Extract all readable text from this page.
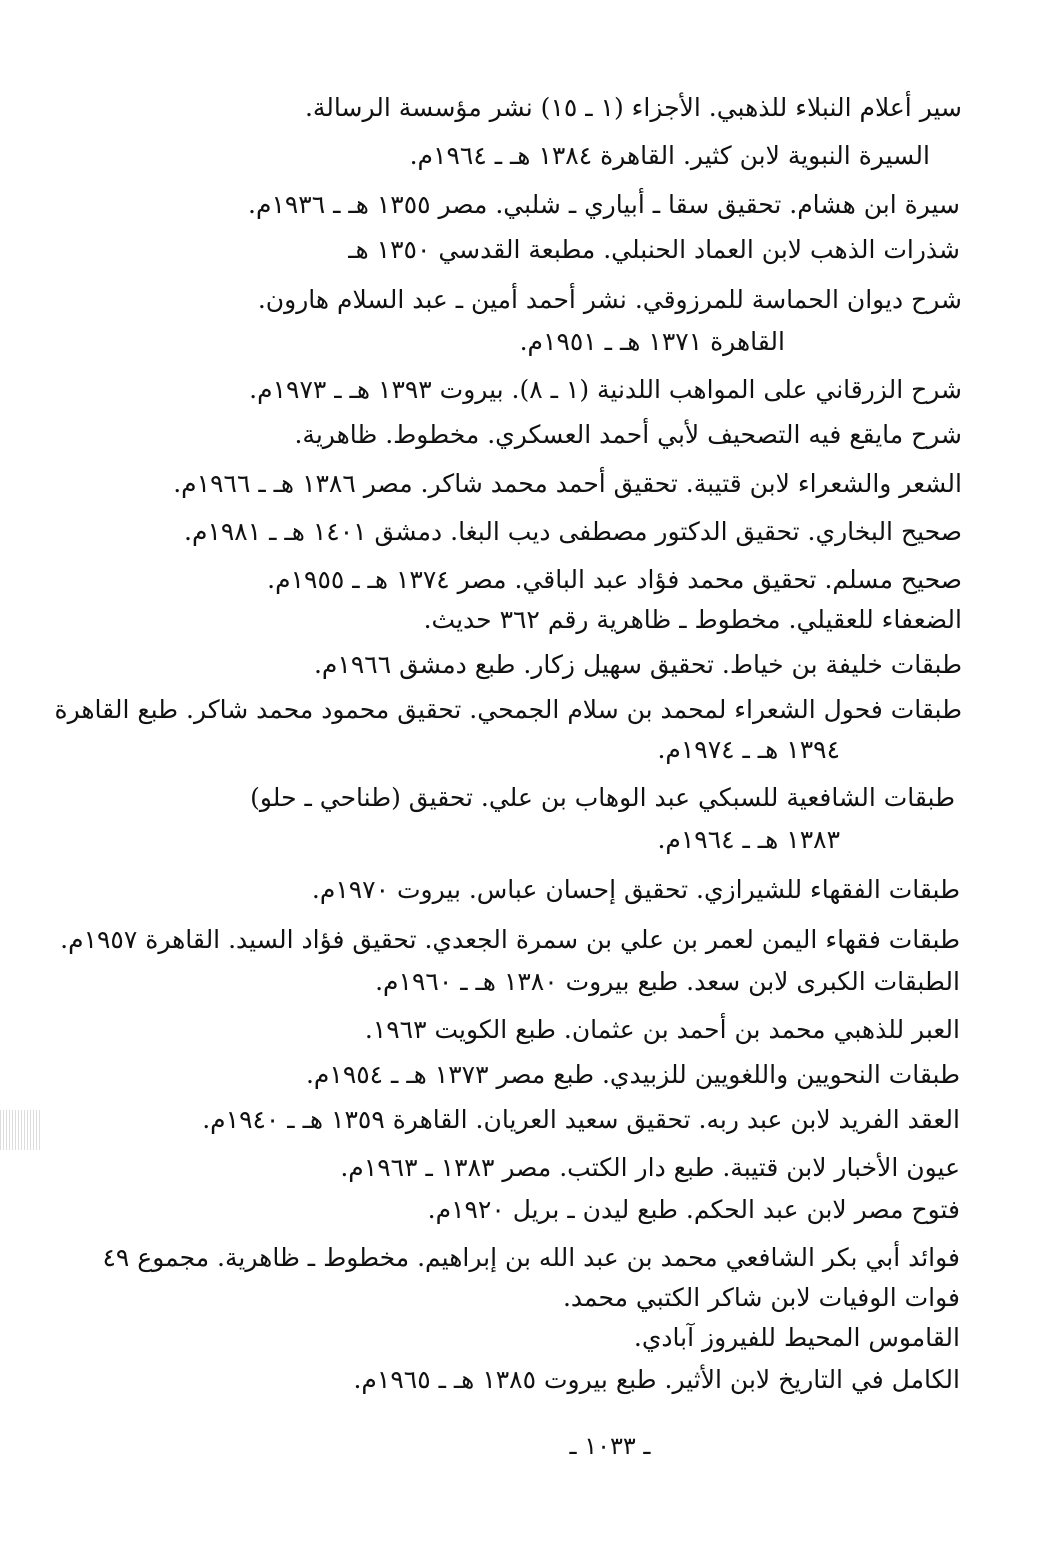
سير أعلام النبلاء للذهبي. الأجزاء (١ ـ ١٥) نشر مؤسسة الرسالة.
السيرة النبوية لابن كثير. القاهرة ١٣٨٤ هـ ـ ١٩٦٤م.
سيرة ابن هشام. تحقيق سقا ـ أبياري ـ شلبي. مصر ١٣٥٥ هـ ـ ١٩٣٦م.
شذرات الذهب لابن العماد الحنبلي. مطبعة القدسي ١٣٥٠ هـ
شرح ديوان الحماسة للمرزوقي. نشر أحمد أمين ـ عبد السلام هارون.
القاهرة ١٣٧١ هـ ـ ١٩٥١م.
شرح الزرقاني على المواهب اللدنية (١ ـ ٨). بيروت ١٣٩٣ هـ ـ ١٩٧٣م.
شرح مايقع فيه التصحيف لأبي أحمد العسكري. مخطوط. ظاهرية.
الشعر والشعراء لابن قتيبة. تحقيق أحمد محمد شاكر. مصر ١٣٨٦ هـ ـ ١٩٦٦م.
صحيح البخاري. تحقيق الدكتور مصطفى ديب البغا. دمشق ١٤٠١ هـ ـ ١٩٨١م.
صحيح مسلم. تحقيق محمد فؤاد عبد الباقي. مصر ١٣٧٤ هـ ـ ١٩٥٥م.
الضعفاء للعقيلي. مخطوط ـ ظاهرية رقم ٣٦٢ حديث.
طبقات خليفة بن خياط. تحقيق سهيل زكار. طبع دمشق ١٩٦٦م.
طبقات فحول الشعراء لمحمد بن سلام الجمحي. تحقيق محمود محمد شاكر. طبع القاهرة
١٣٩٤ هـ ـ ١٩٧٤م.
طبقات الشافعية للسبكي عبد الوهاب بن علي. تحقيق (طناحي ـ حلو)
١٣٨٣ هـ ـ ١٩٦٤م.
طبقات الفقهاء للشيرازي. تحقيق إحسان عباس. بيروت ١٩٧٠م.
طبقات فقهاء اليمن لعمر بن علي بن سمرة الجعدي. تحقيق فؤاد السيد. القاهرة ١٩٥٧م.
الطبقات الكبرى لابن سعد. طبع بيروت ١٣٨٠ هـ ـ ١٩٦٠م.
العبر للذهبي محمد بن أحمد بن عثمان. طبع الكويت ١٩٦٣.
طبقات النحويين واللغويين للزبيدي. طبع مصر ١٣٧٣ هـ ـ ١٩٥٤م.
العقد الفريد لابن عبد ربه. تحقيق سعيد العريان. القاهرة ١٣٥٩ هـ ـ ١٩٤٠م.
عيون الأخبار لابن قتيبة. طبع دار الكتب. مصر ١٣٨٣ ـ ١٩٦٣م.
فتوح مصر لابن عبد الحكم. طبع ليدن ـ بريل ١٩٢٠م.
فوائد أبي بكر الشافعي محمد بن عبد الله بن إبراهيم. مخطوط ـ ظاهرية. مجموع ٤٩
فوات الوفيات لابن شاكر الكتبي محمد.
القاموس المحيط للفيروز آبادي.
الكامل في التاريخ لابن الأثير. طبع بيروت ١٣٨٥ هـ ـ ١٩٦٥م.
ـ ١٠٣٣ ـ
